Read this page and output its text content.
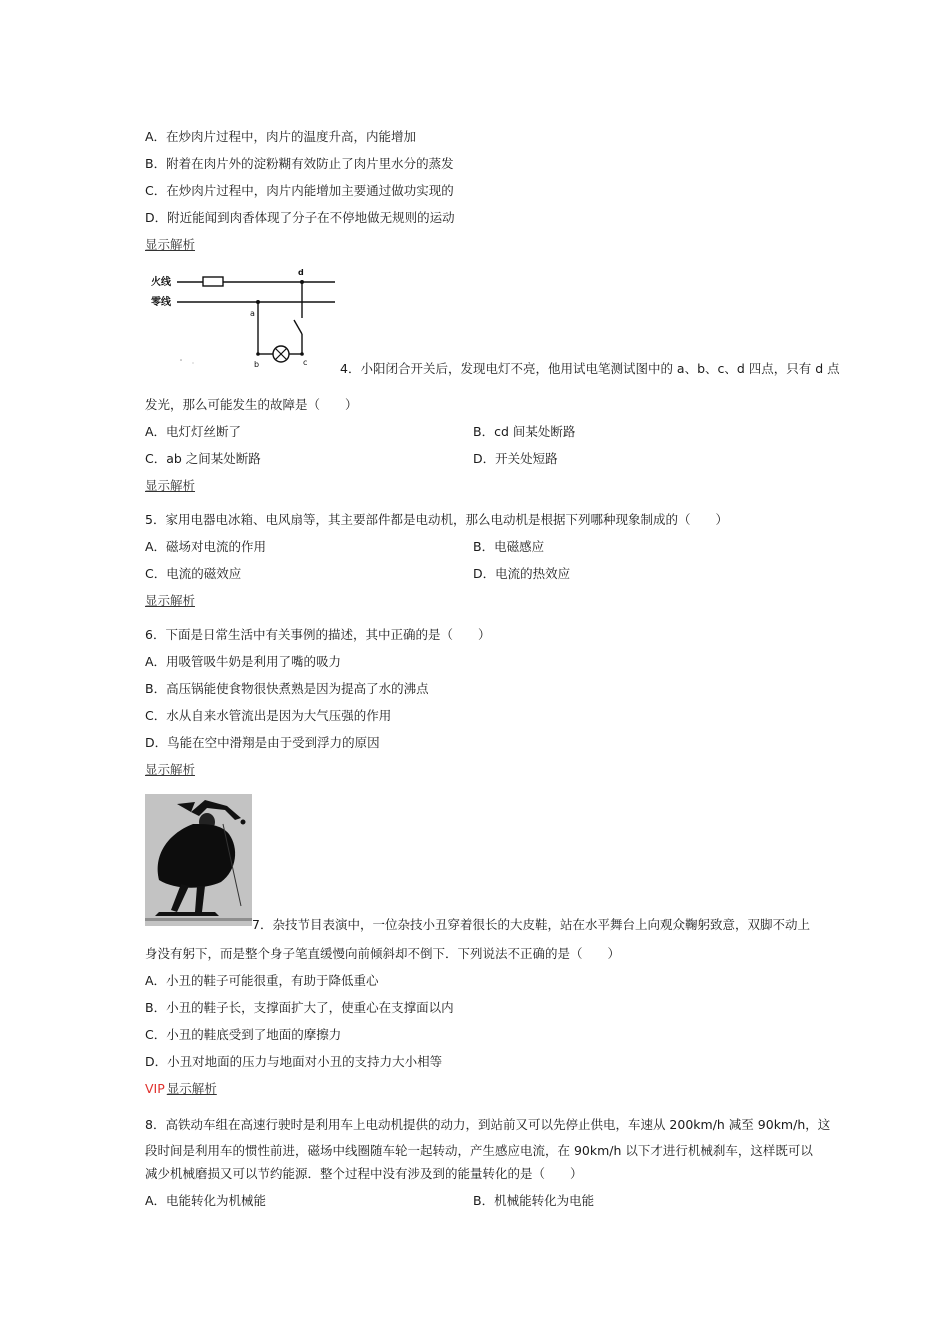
A．在炒肉片过程中，肉片的温度升高，内能增加
B．附着在肉片外的淀粉糊有效防止了肉片里水分的蒸发
C．在炒肉片过程中，肉片内能增加主要通过做功实现的
D．附近能闻到肉香体现了分子在不停地做无规则的运动
显示解析
火线
零线
a
b	c
d
4．小阳闭合开关后，发现电灯不亮，他用试电笔测试图中的 a、b、c、d 四点，只有 d 点
发光，那么可能发生的故障是（　　）
A．电灯灯丝断了	B．cd 间某处断路
C．ab 之间某处断路	D．开关处短路
显示解析
5．家用电器电冰箱、电风扇等，其主要部件都是电动机，那么电动机是根据下列哪种现象制成的（　　）
A．磁场对电流的作用	B．电磁感应
C．电流的磁效应	D．电流的热效应
显示解析
6．下面是日常生活中有关事例的描述，其中正确的是（　　）
A．用吸管吸牛奶是利用了嘴的吸力
B．高压锅能使食物很快煮熟是因为提高了水的沸点
C．水从自来水管流出是因为大气压强的作用
D．鸟能在空中滑翔是由于受到浮力的原因
显示解析
7．杂技节目表演中，一位杂技小丑穿着很长的大皮鞋，站在水平舞台上向观众鞠躬致意，双脚不动上
身没有躬下，而是整个身子笔直缓慢向前倾斜却不倒下．下列说法不正确的是（　　）
A．小丑的鞋子可能很重，有助于降低重心
B．小丑的鞋子长，支撑面扩大了，使重心在支撑面以内
C．小丑的鞋底受到了地面的摩擦力
D．小丑对地面的压力与地面对小丑的支持力大小相等
VIP 显示解析
8．高铁动车组在高速行驶时是利用车上电动机提供的动力，到站前又可以先停止供电，车速从 200km/h 减至 90km/h，这
段时间是利用车的惯性前进，磁场中线圈随车轮一起转动，产生感应电流，在 90km/h 以下才进行机械刹车，这样既可以
减少机械磨损又可以节约能源．整个过程中没有涉及到的能量转化的是（　　）
A．电能转化为机械能	B．机械能转化为电能
